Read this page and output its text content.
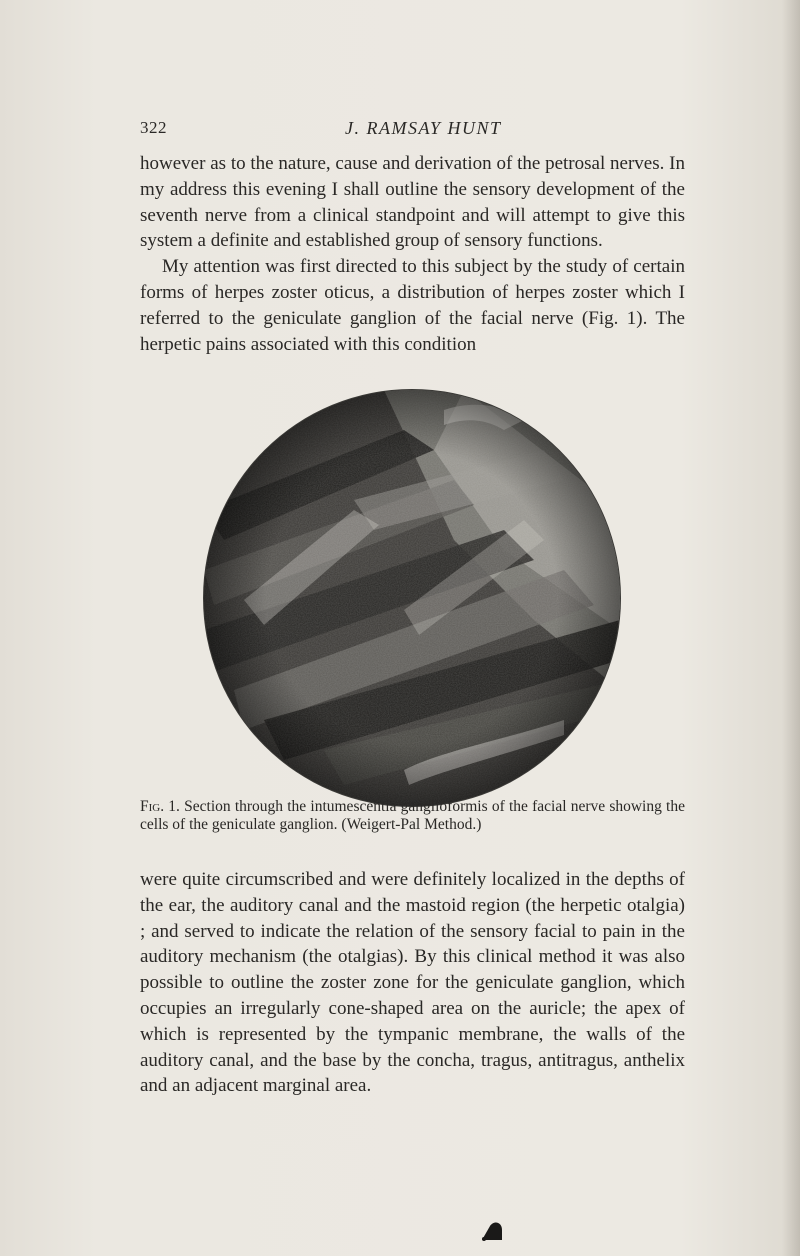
322	J. RAMSAY HUNT

however as to the nature, cause and derivation of the petrosal nerves. In my address this evening I shall outline the sensory development of the seventh nerve from a clinical standpoint and will attempt to give this system a definite and established group of sensory functions.
My attention was first directed to this subject by the study of certain forms of herpes zoster oticus, a distribution of herpes zoster which I referred to the geniculate ganglion of the facial nerve (Fig. 1). The herpetic pains associated with this condition

Fig. 1. Section through the intumescentia ganglioformis of the facial nerve showing the cells of the geniculate ganglion. (Weigert-Pal Method.)

were quite circumscribed and were definitely localized in the depths of the ear, the auditory canal and the mastoid region (the herpetic otalgia) ; and served to indicate the relation of the sensory facial to pain in the auditory mechanism (the otalgias). By this clinical method it was also possible to outline the zoster zone for the geniculate ganglion, which occupies an irregularly cone-shaped area on the auricle; the apex of which is represented by the tympanic membrane, the walls of the auditory canal, and the base by the concha, tragus, antitragus, anthelix and an adjacent marginal area.
